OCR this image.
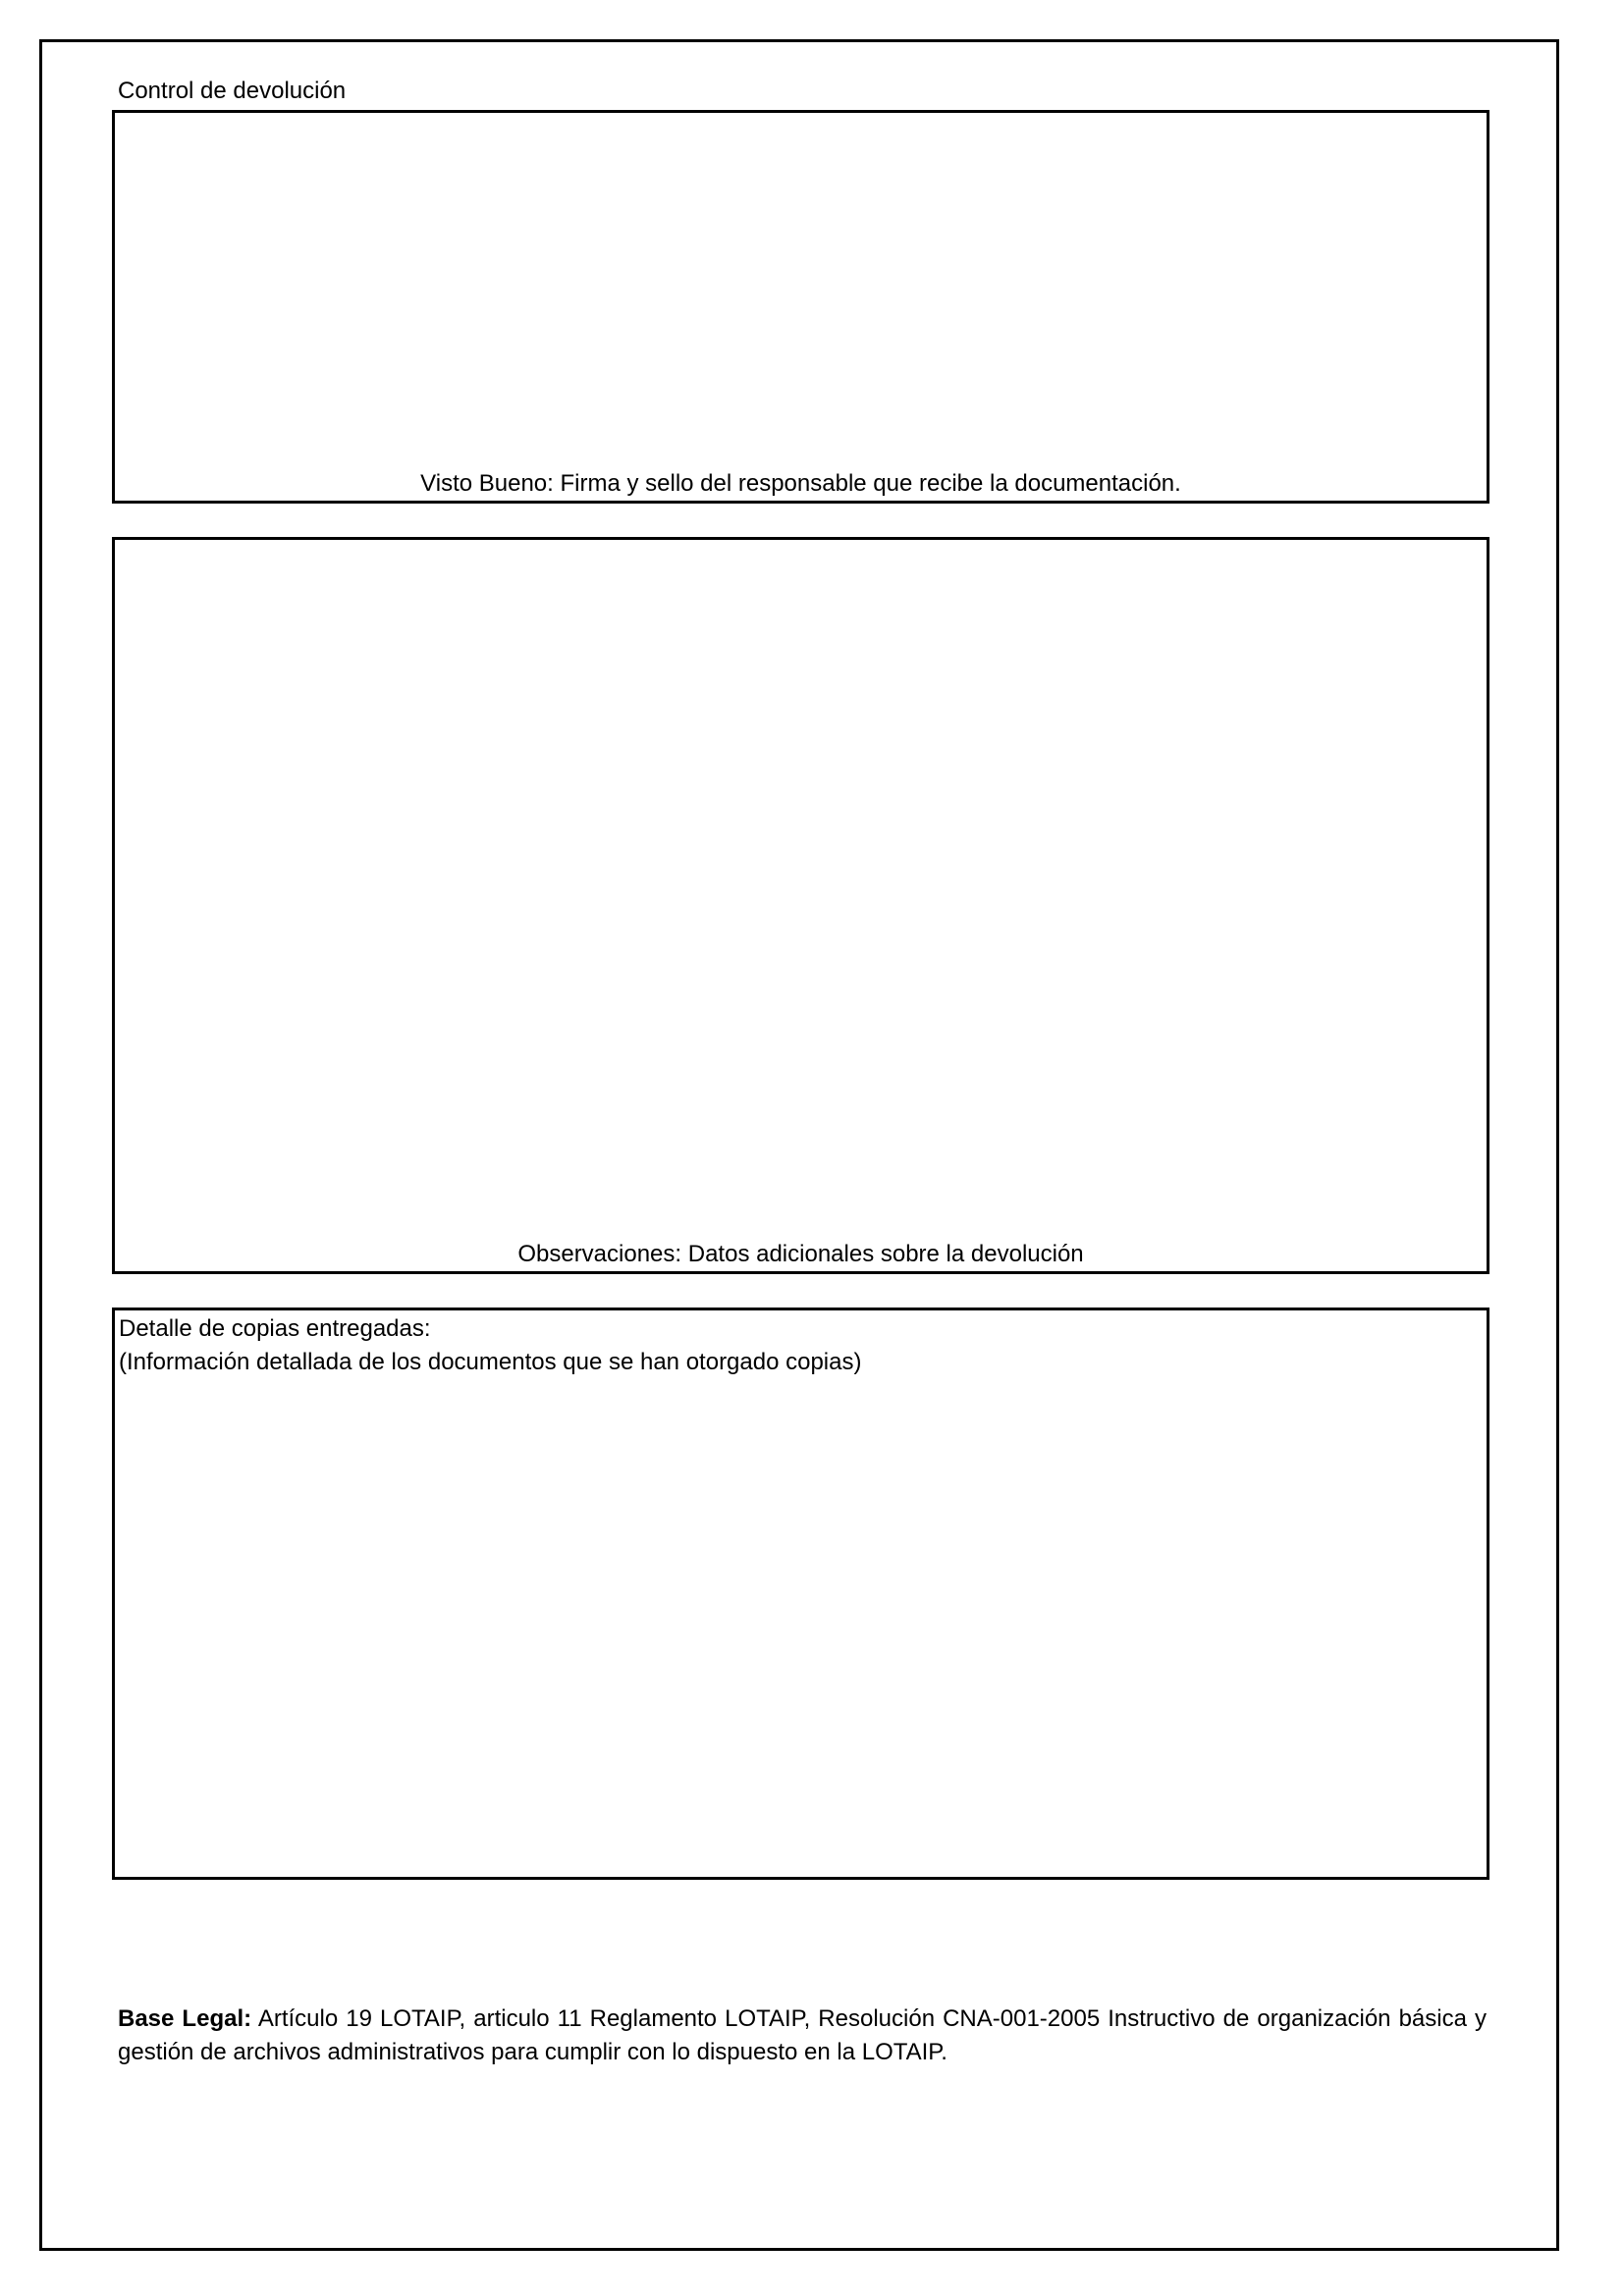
Control de devolución
Visto Bueno: Firma y sello del responsable que recibe la documentación.
Observaciones: Datos adicionales sobre la devolución
Detalle de copias entregadas:
(Información detallada de los documentos que se han otorgado copias)
Base Legal: Artículo 19 LOTAIP, articulo 11 Reglamento LOTAIP, Resolución CNA-001-2005 Instructivo de organización básica y gestión de archivos administrativos para cumplir con lo dispuesto en la LOTAIP.
